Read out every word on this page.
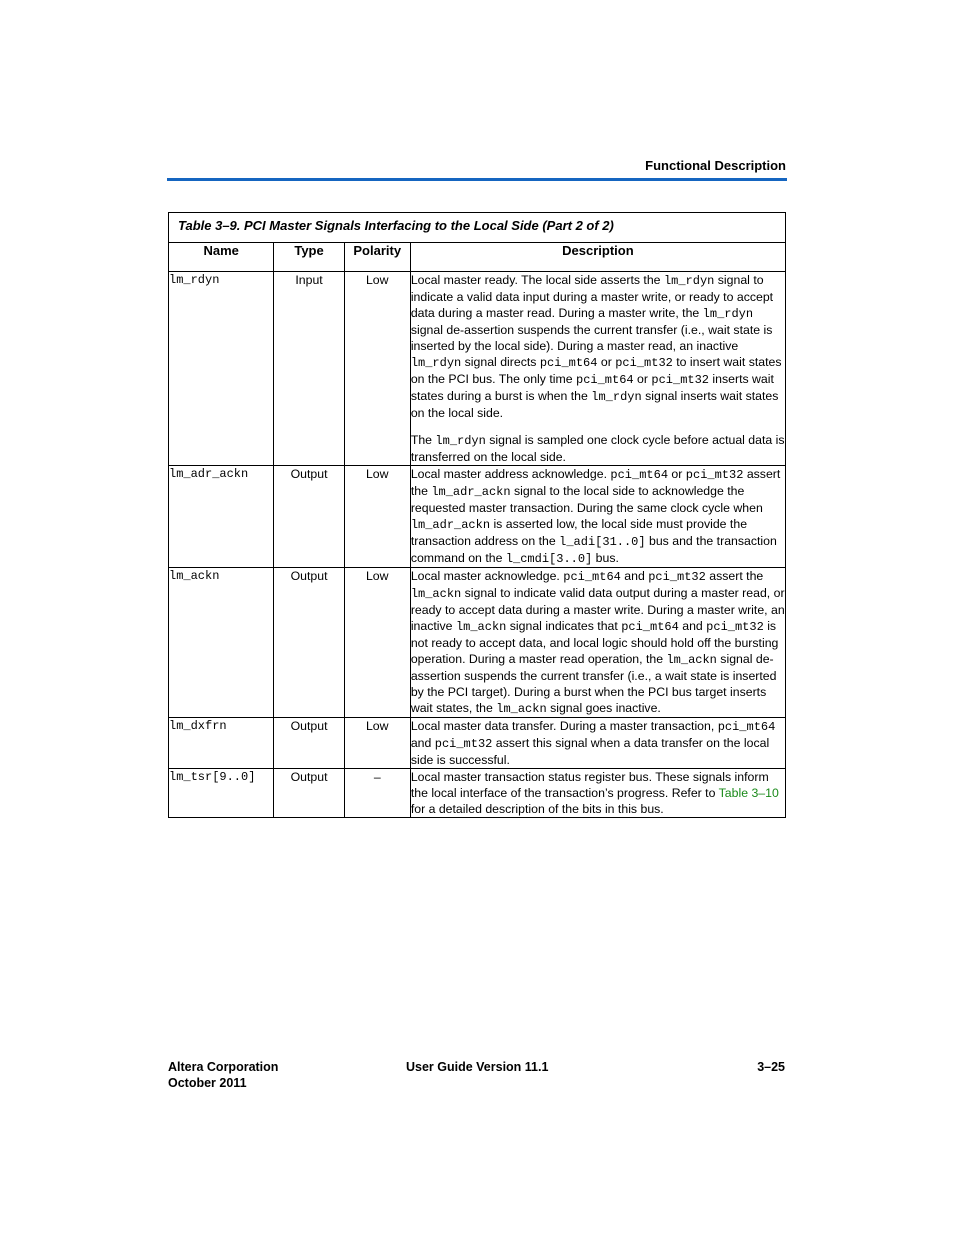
Functional Description
Table 3–9. PCI Master Signals Interfacing to the Local Side (Part 2 of 2)			
Name	Type	Polarity	Description
lm_rdyn	Input	Low	Local master ready. The local side asserts the lm_rdyn signal to indicate a valid data input during a master write, or ready to accept data during a master read. During a master write, the lm_rdyn signal de-assertion suspends the current transfer (i.e., wait state is inserted by the local side). During a master read, an inactive lm_rdyn signal directs pci_mt64 or pci_mt32 to insert wait states on the PCI bus. The only time pci_mt64 or pci_mt32 inserts wait states during a burst is when the lm_rdyn signal inserts wait states on the local side.

The lm_rdyn signal is sampled one clock cycle before actual data is transferred on the local side.

lm_adr_ackn	Output	Low	Local master address acknowledge. pci_mt64 or pci_mt32 assert the lm_adr_ackn signal to the local side to acknowledge the requested master transaction. During the same clock cycle when lm_adr_ackn is asserted low, the local side must provide the transaction address on the l_adi[31..0] bus and the transaction command on the l_cmdi[3..0] bus.

lm_ackn	Output	Low	Local master acknowledge. pci_mt64 and pci_mt32 assert the lm_ackn signal to indicate valid data output during a master read, or ready to accept data during a master write. During a master write, an inactive lm_ackn signal indicates that pci_mt64 and pci_mt32 is not ready to accept data, and local logic should hold off the bursting operation. During a master read operation, the lm_ackn signal de-assertion suspends the current transfer (i.e., a wait state is inserted by the PCI target). During a burst when the PCI bus target inserts wait states, the lm_ackn signal goes inactive.

lm_dxfrn	Output	Low	Local master data transfer. During a master transaction, pci_mt64 and pci_mt32 assert this signal when a data transfer on the local side is successful.

lm_tsr[9..0]	Output	–	Local master transaction status register bus. These signals inform the local interface of the transaction’s progress. Refer to Table 3–10 for a detailed description of the bits in this bus.

Altera Corporation
October 2011
User Guide Version 11.1	3–25
